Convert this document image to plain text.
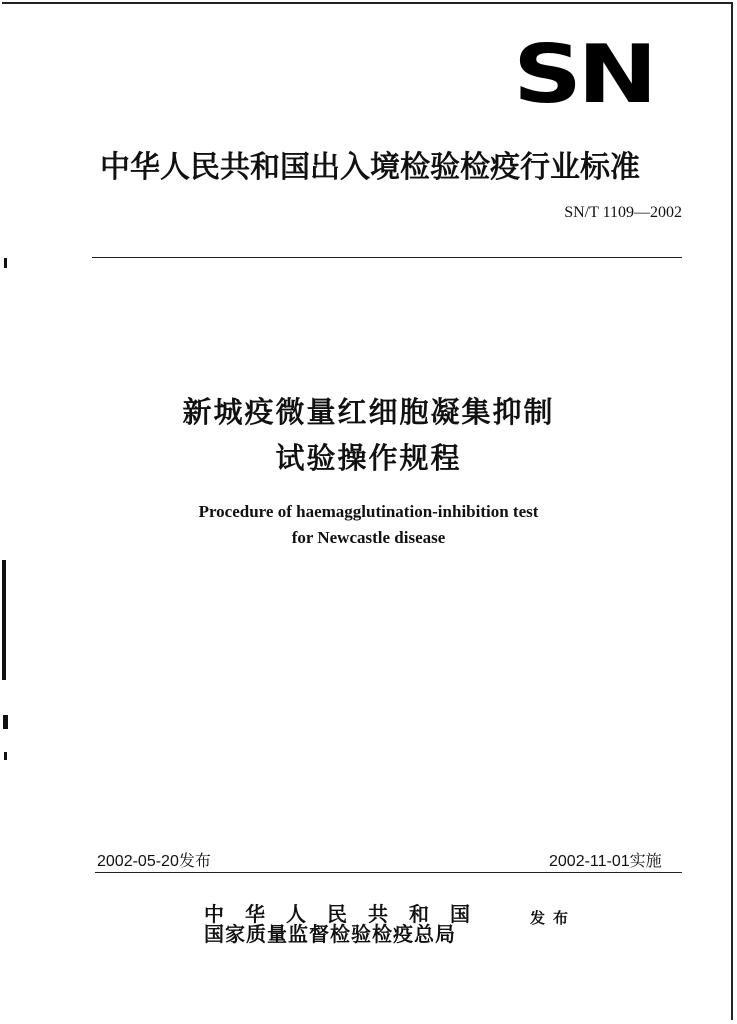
SN
中华人民共和国出入境检验检疫行业标准
SN/T 1109—2002
新城疫微量红细胞凝集抑制
试验操作规程
Procedure of haemagglutination-inhibition test
for Newcastle disease
2002-05-20发布	2002-11-01实施
中华人民共和国
国家质量监督检验检疫总局
发布
